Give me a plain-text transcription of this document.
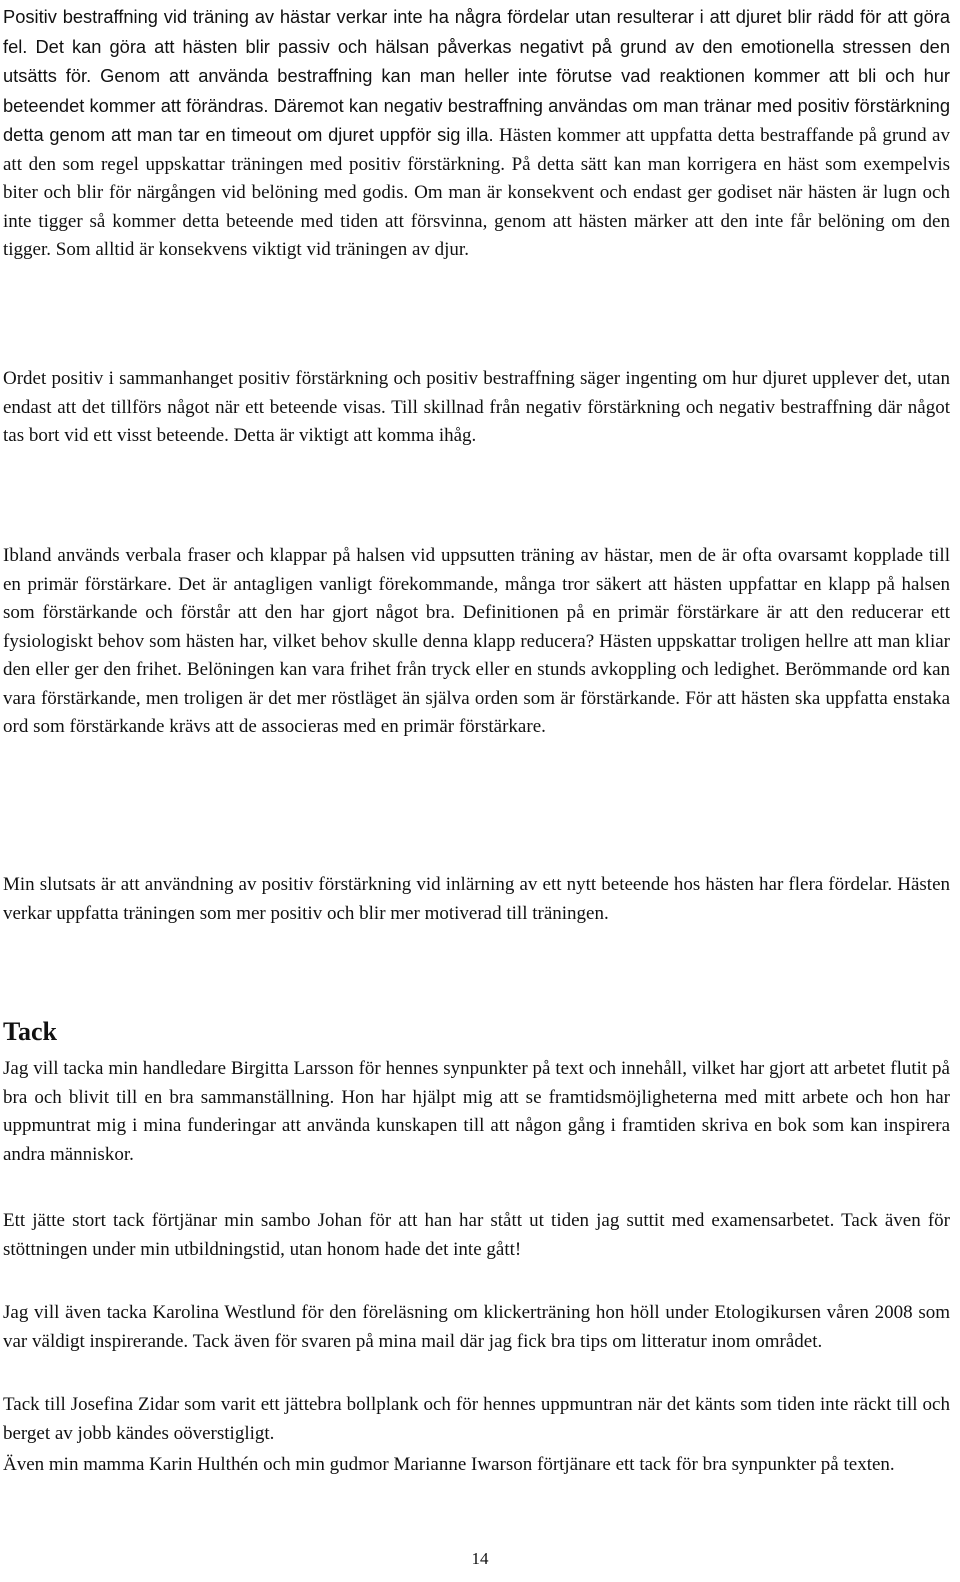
Positiv bestraffning vid träning av hästar verkar inte ha några fördelar utan resulterar i att djuret blir rädd för att göra fel. Det kan göra att hästen blir passiv och hälsan påverkas negativt på grund av den emotionella stressen den utsätts för. Genom att använda bestraffning kan man heller inte förutse vad reaktionen kommer att bli och hur beteendet kommer att förändras. Däremot kan negativ bestraffning användas om man tränar med positiv förstärkning detta genom att man tar en timeout om djuret uppför sig illa. Hästen kommer att uppfatta detta bestraffande på grund av att den som regel uppskattar träningen med positiv förstärkning. På detta sätt kan man korrigera en häst som exempelvis biter och blir för närgången vid belöning med godis. Om man är konsekvent och endast ger godiset när hästen är lugn och inte tigger så kommer detta beteende med tiden att försvinna, genom att hästen märker att den inte får belöning om den tigger. Som alltid är konsekvens viktigt vid träningen av djur.

Ordet positiv i sammanhanget positiv förstärkning och positiv bestraffning säger ingenting om hur djuret upplever det, utan endast att det tillförs något när ett beteende visas. Till skillnad från negativ förstärkning och negativ bestraffning där något tas bort vid ett visst beteende. Detta är viktigt att komma ihåg.

Ibland används verbala fraser och klappar på halsen vid uppsutten träning av hästar, men de är ofta ovarsamt kopplade till en primär förstärkare. Det är antagligen vanligt förekommande, många tror säkert att hästen uppfattar en klapp på halsen som förstärkande och förstår att den har gjort något bra. Definitionen på en primär förstärkare är att den reducerar ett fysiologiskt behov som hästen har, vilket behov skulle denna klapp reducera? Hästen uppskattar troligen hellre att man kliar den eller ger den frihet. Belöningen kan vara frihet från tryck eller en stunds avkoppling och ledighet. Berömmande ord kan vara förstärkande, men troligen är det mer röstläget än själva orden som är förstärkande. För att hästen ska uppfatta enstaka ord som förstärkande krävs att de associeras med en primär förstärkare.

Min slutsats är att användning av positiv förstärkning vid inlärning av ett nytt beteende hos hästen har flera fördelar. Hästen verkar uppfatta träningen som mer positiv och blir mer motiverad till träningen.

Tack

Jag vill tacka min handledare Birgitta Larsson för hennes synpunkter på text och innehåll, vilket har gjort att arbetet flutit på bra och blivit till en bra sammanställning. Hon har hjälpt mig att se framtidsmöjligheterna med mitt arbete och hon har uppmuntrat mig i mina funderingar att använda kunskapen till att någon gång i framtiden skriva en bok som kan inspirera andra människor.

Ett jätte stort tack förtjänar min sambo Johan för att han har stått ut tiden jag suttit med examensarbetet. Tack även för stöttningen under min utbildningstid, utan honom hade det inte gått!

Jag vill även tacka Karolina Westlund för den föreläsning om klickerträning hon höll under Etologikursen våren 2008 som var väldigt inspirerande. Tack även för svaren på mina mail där jag fick bra tips om litteratur inom området.

Tack till Josefina Zidar som varit ett jättebra bollplank och för hennes uppmuntran när det känts som tiden inte räckt till och berget av jobb kändes oöverstigligt.

Även min mamma Karin Hulthén och min gudmor Marianne Iwarson förtjänare ett tack för bra synpunkter på texten.

14
